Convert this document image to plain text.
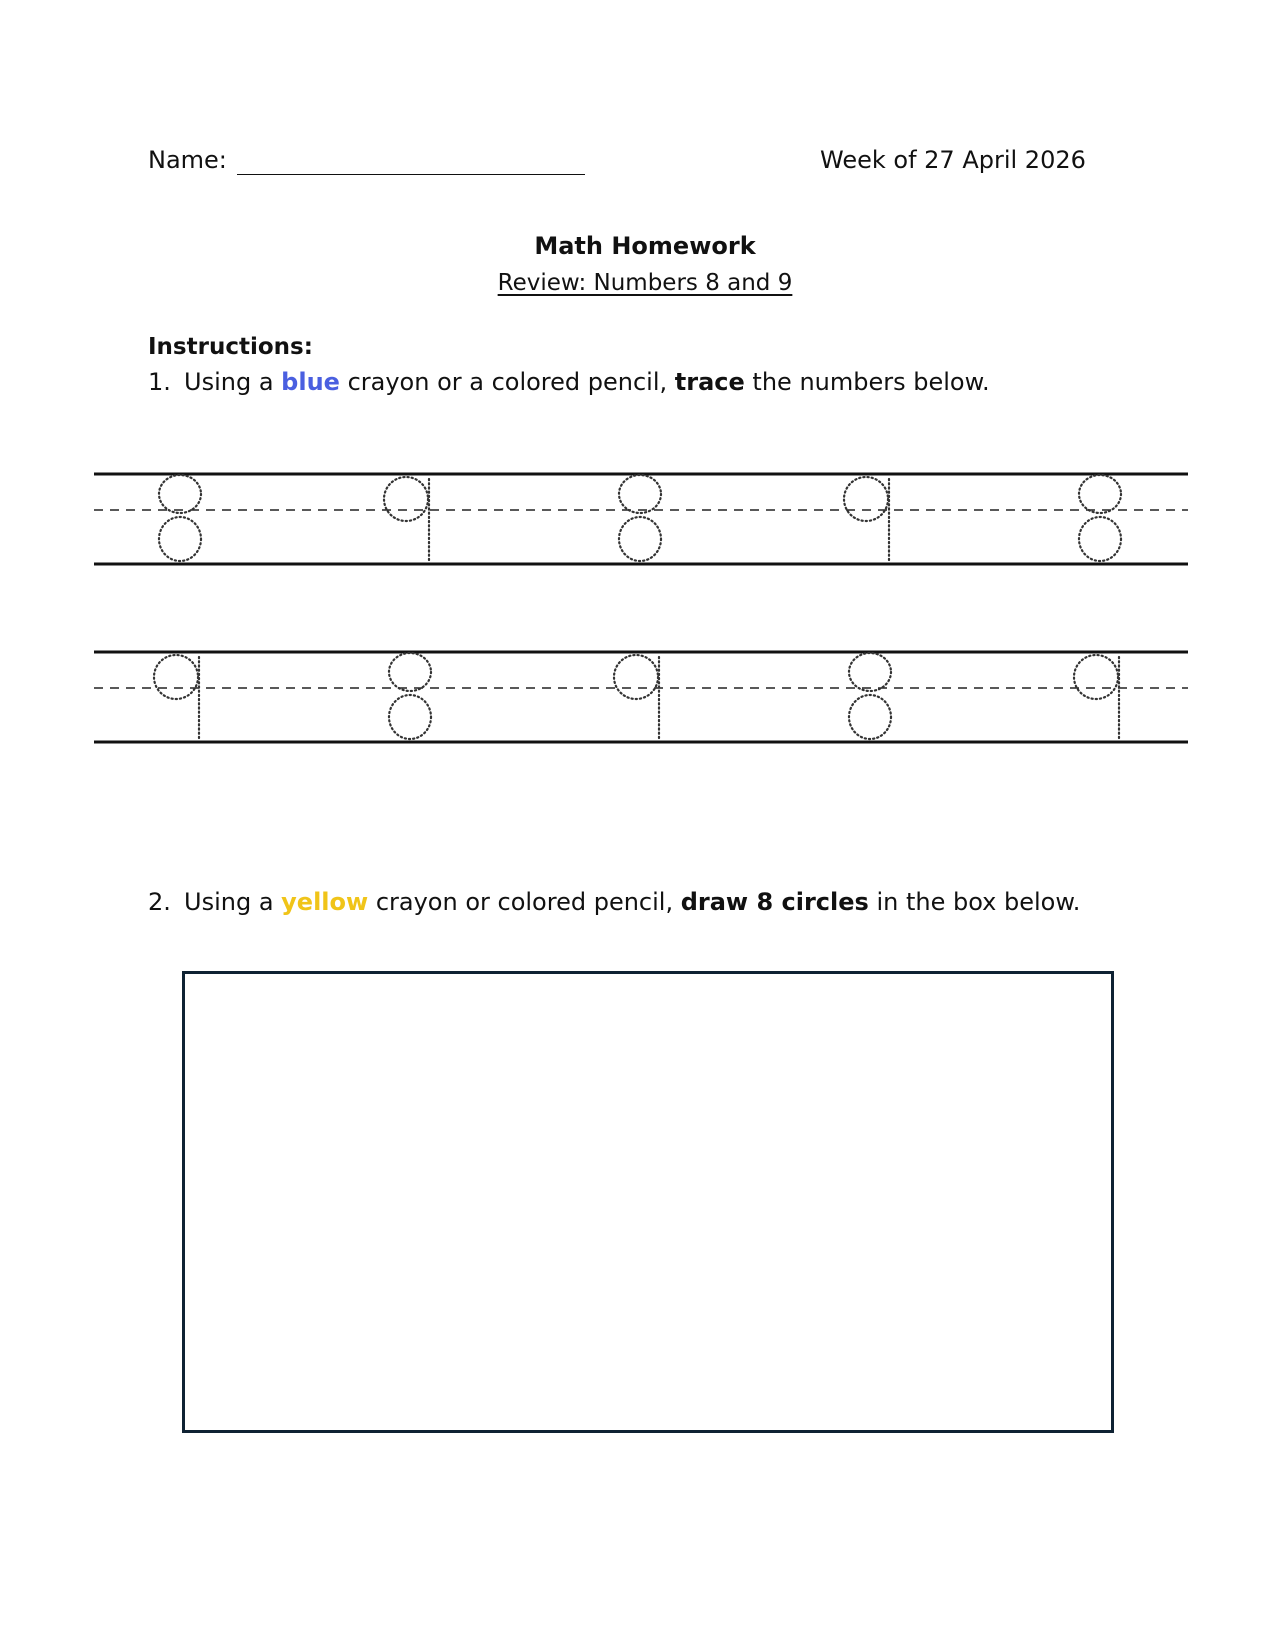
Name:	Week of 27 April 2026
Math Homework
Review: Numbers 8 and 9
Instructions:
1. Using a blue crayon or a colored pencil, trace the numbers below.
2. Using a yellow crayon or colored pencil, draw 8 circles in the box below.
